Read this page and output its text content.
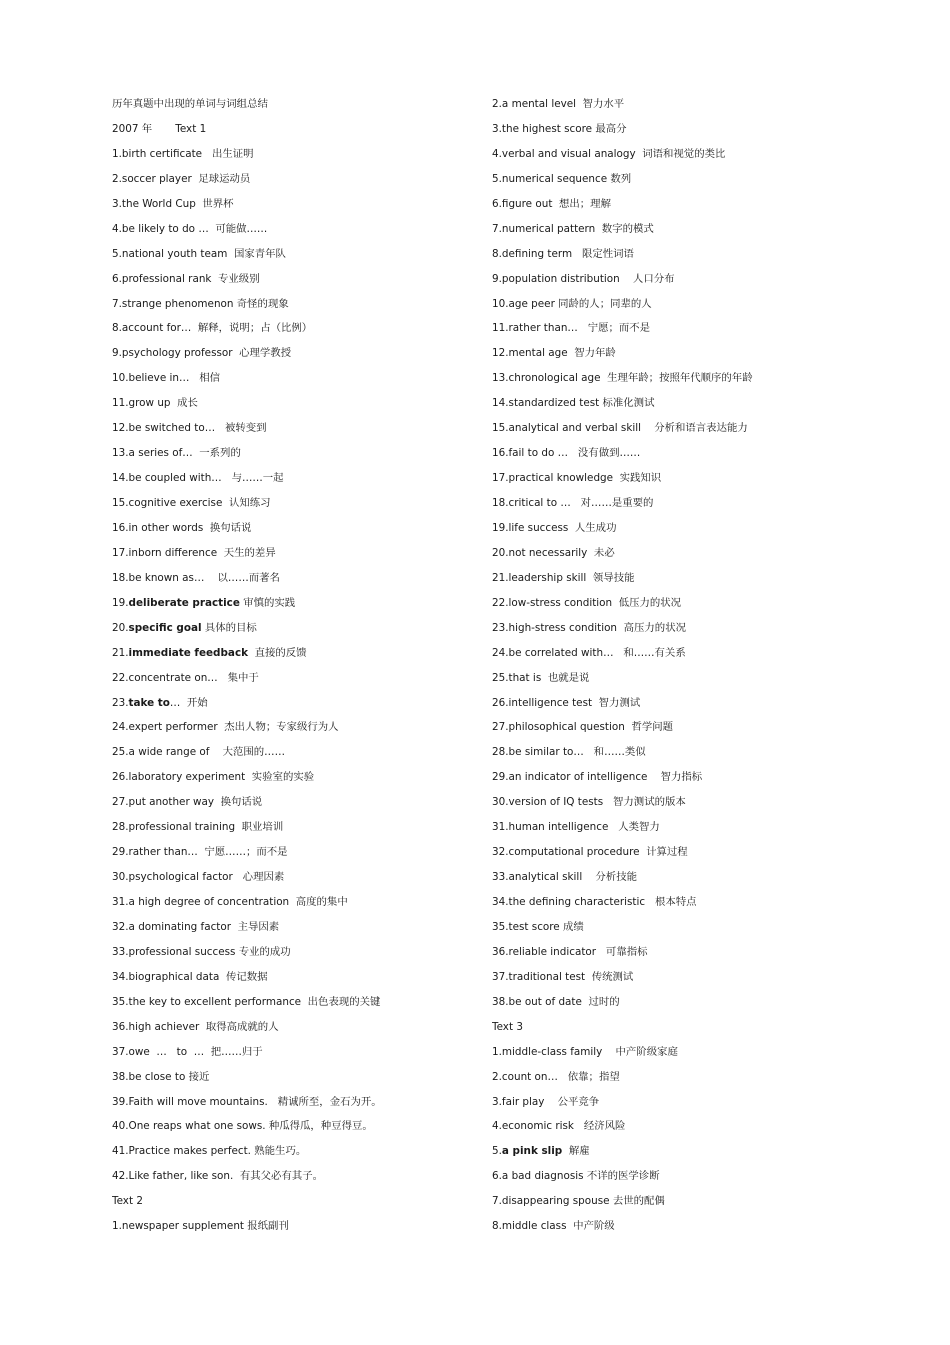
历年真题中出现的单词与词组总结
2007 年       Text 1
1.birth certificate   出生证明
2.soccer player  足球运动员
3.the World Cup  世界杯
4.be likely to do …  可能做……
5.national youth team  国家青年队
6.professional rank  专业级别
7.strange phenomenon 奇怪的现象
8.account for…  解释，说明；占（比例）
9.psychology professor  心理学教授
10.believe in…   相信
11.grow up  成长
12.be switched to…   被转变到
13.a series of…  一系列的
14.be coupled with…   与……一起
15.cognitive exercise  认知练习
16.in other words  换句话说
17.inborn difference  天生的差异
18.be known as…    以……而著名
19.deliberate practice 审慎的实践
20.specific goal 具体的目标
21.immediate feedback  直接的反馈
22.concentrate on…   集中于
23.take to…  开始
24.expert performer  杰出人物；专家级行为人
25.a wide range of    大范围的……
26.laboratory experiment  实验室的实验
27.put another way  换句话说
28.professional training  职业培训
29.rather than…  宁愿……；而不是
30.psychological factor   心理因素
31.a high degree of concentration  高度的集中
32.a dominating factor  主导因素
33.professional success 专业的成功
34.biographical data  传记数据
35.the key to excellent performance  出色表现的关键
36.high achiever  取得高成就的人
37.owe  …   to  …  把……归于
38.be close to 接近
39.Faith will move mountains.   精诚所至，金石为开。
40.One reaps what one sows. 种瓜得瓜，种豆得豆。
41.Practice makes perfect. 熟能生巧。
42.Like father, like son.  有其父必有其子。
Text 2
1.newspaper supplement 报纸副刊
2.a mental level  智力水平
3.the highest score 最高分
4.verbal and visual analogy  词语和视觉的类比
5.numerical sequence 数列
6.figure out  想出；理解
7.numerical pattern  数字的模式
8.defining term   限定性词语
9.population distribution    人口分布
10.age peer 同龄的人；同辈的人
11.rather than…   宁愿；而不是
12.mental age  智力年龄
13.chronological age  生理年龄；按照年代顺序的年龄
14.standardized test 标准化测试
15.analytical and verbal skill    分析和语言表达能力
16.fail to do …   没有做到……
17.practical knowledge  实践知识
18.critical to …   对……是重要的
19.life success  人生成功
20.not necessarily  未必
21.leadership skill  领导技能
22.low-stress condition  低压力的状况
23.high-stress condition  高压力的状况
24.be correlated with…   和……有关系
25.that is  也就是说
26.intelligence test  智力测试
27.philosophical question  哲学问题
28.be similar to…   和……类似
29.an indicator of intelligence    智力指标
30.version of IQ tests   智力测试的版本
31.human intelligence   人类智力
32.computational procedure  计算过程
33.analytical skill    分析技能
34.the defining characteristic   根本特点
35.test score 成绩
36.reliable indicator   可靠指标
37.traditional test  传统测试
38.be out of date  过时的
Text 3
1.middle-class family    中产阶级家庭
2.count on…   依靠；指望
3.fair play    公平竞争
4.economic risk   经济风险
5.a pink slip  解雇
6.a bad diagnosis 不详的医学诊断
7.disappearing spouse 去世的配偶
8.middle class  中产阶级
